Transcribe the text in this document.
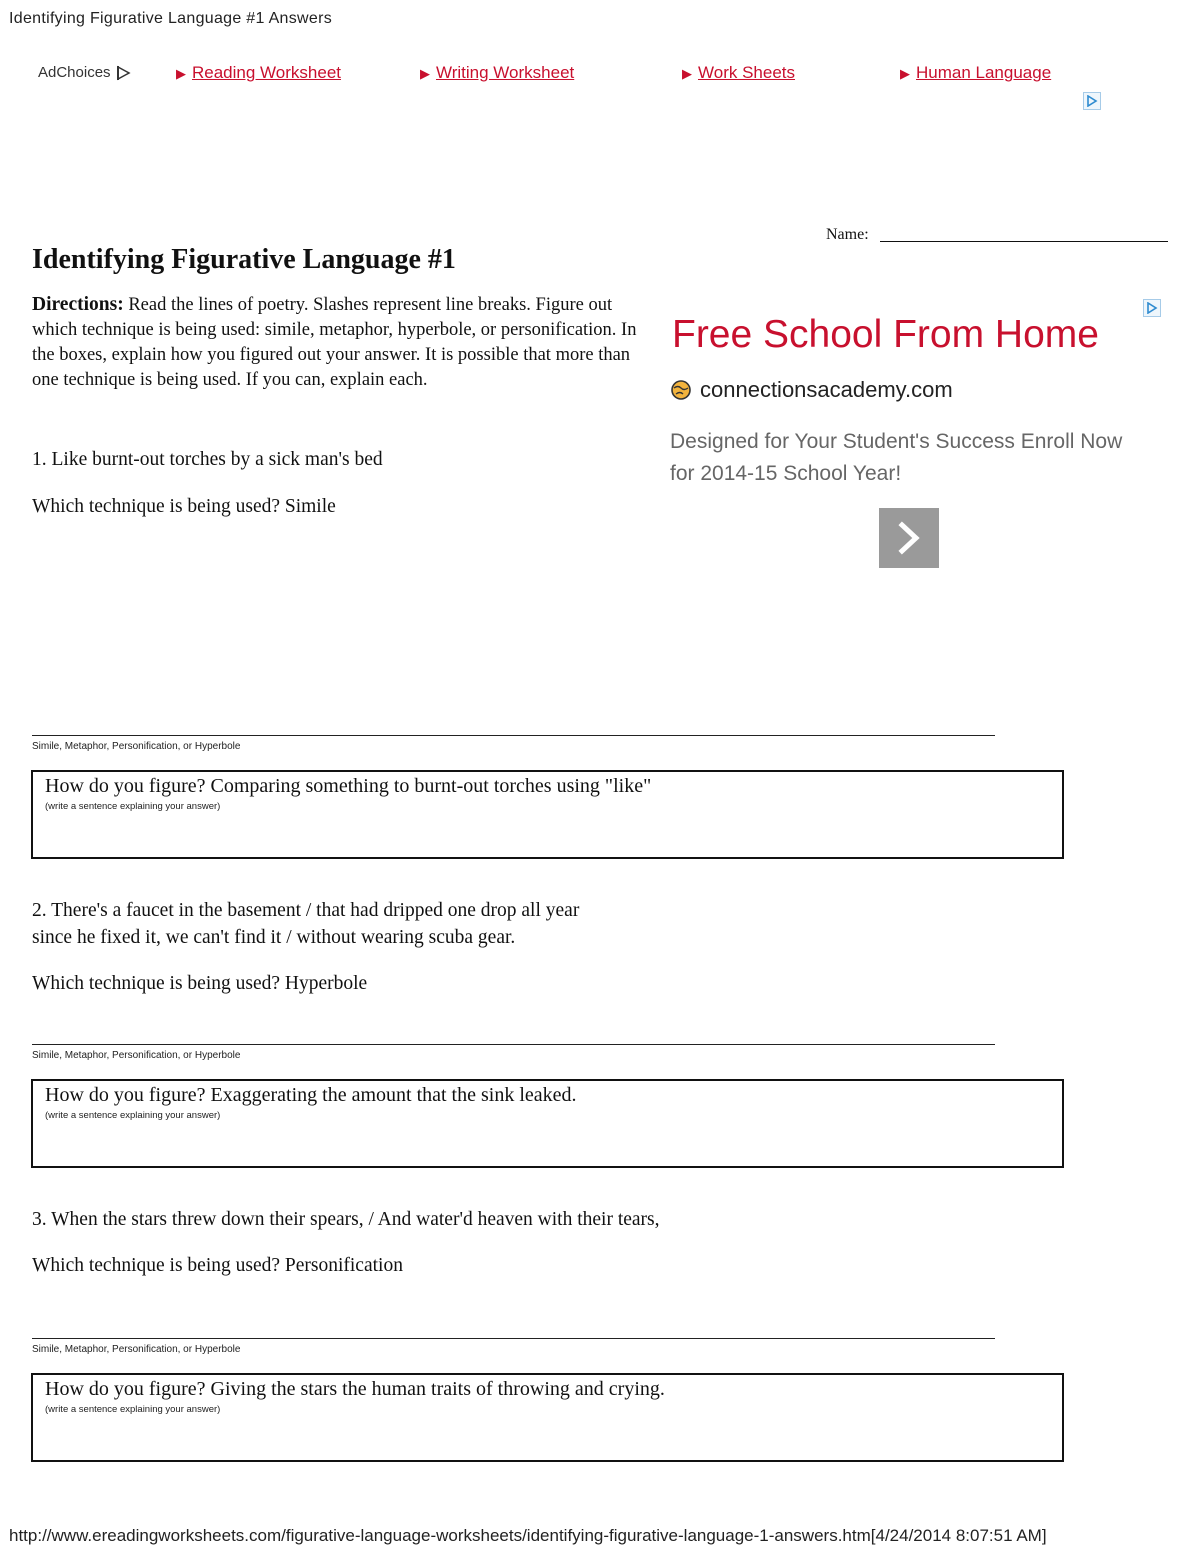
Identifying Figurative Language #1 Answers
AdChoices	▶ Reading Worksheet	▶ Writing Worksheet	▶ Work Sheets	▶ Human Language
Name:
Identifying Figurative Language #1
Directions: Read the lines of poetry. Slashes represent line breaks. Figure out which technique is being used: simile, metaphor, hyperbole, or personification. In the boxes, explain how you figured out your answer. It is possible that more than one technique is being used. If you can, explain each.
Free School From Home
connectionsacademy.com
Designed for Your Student's Success Enroll Now for 2014-15 School Year!
1. Like burnt-out torches by a sick man's bed
Which technique is being used? Simile
Simile, Metaphor, Personification, or Hyperbole
How do you figure? Comparing something to burnt-out torches using "like"
(write a sentence explaining your answer)
2. There's a faucet in the basement / that had dripped one drop all year
since he fixed it, we can't find it / without wearing scuba gear.
Which technique is being used? Hyperbole
Simile, Metaphor, Personification, or Hyperbole
How do you figure? Exaggerating the amount that the sink leaked.
(write a sentence explaining your answer)
3. When the stars threw down their spears, / And water'd heaven with their tears,
Which technique is being used? Personification
Simile, Metaphor, Personification, or Hyperbole
How do you figure? Giving the stars the human traits of throwing and crying.
(write a sentence explaining your answer)
http://www.ereadingworksheets.com/figurative-language-worksheets/identifying-figurative-language-1-answers.htm[4/24/2014 8:07:51 AM]
